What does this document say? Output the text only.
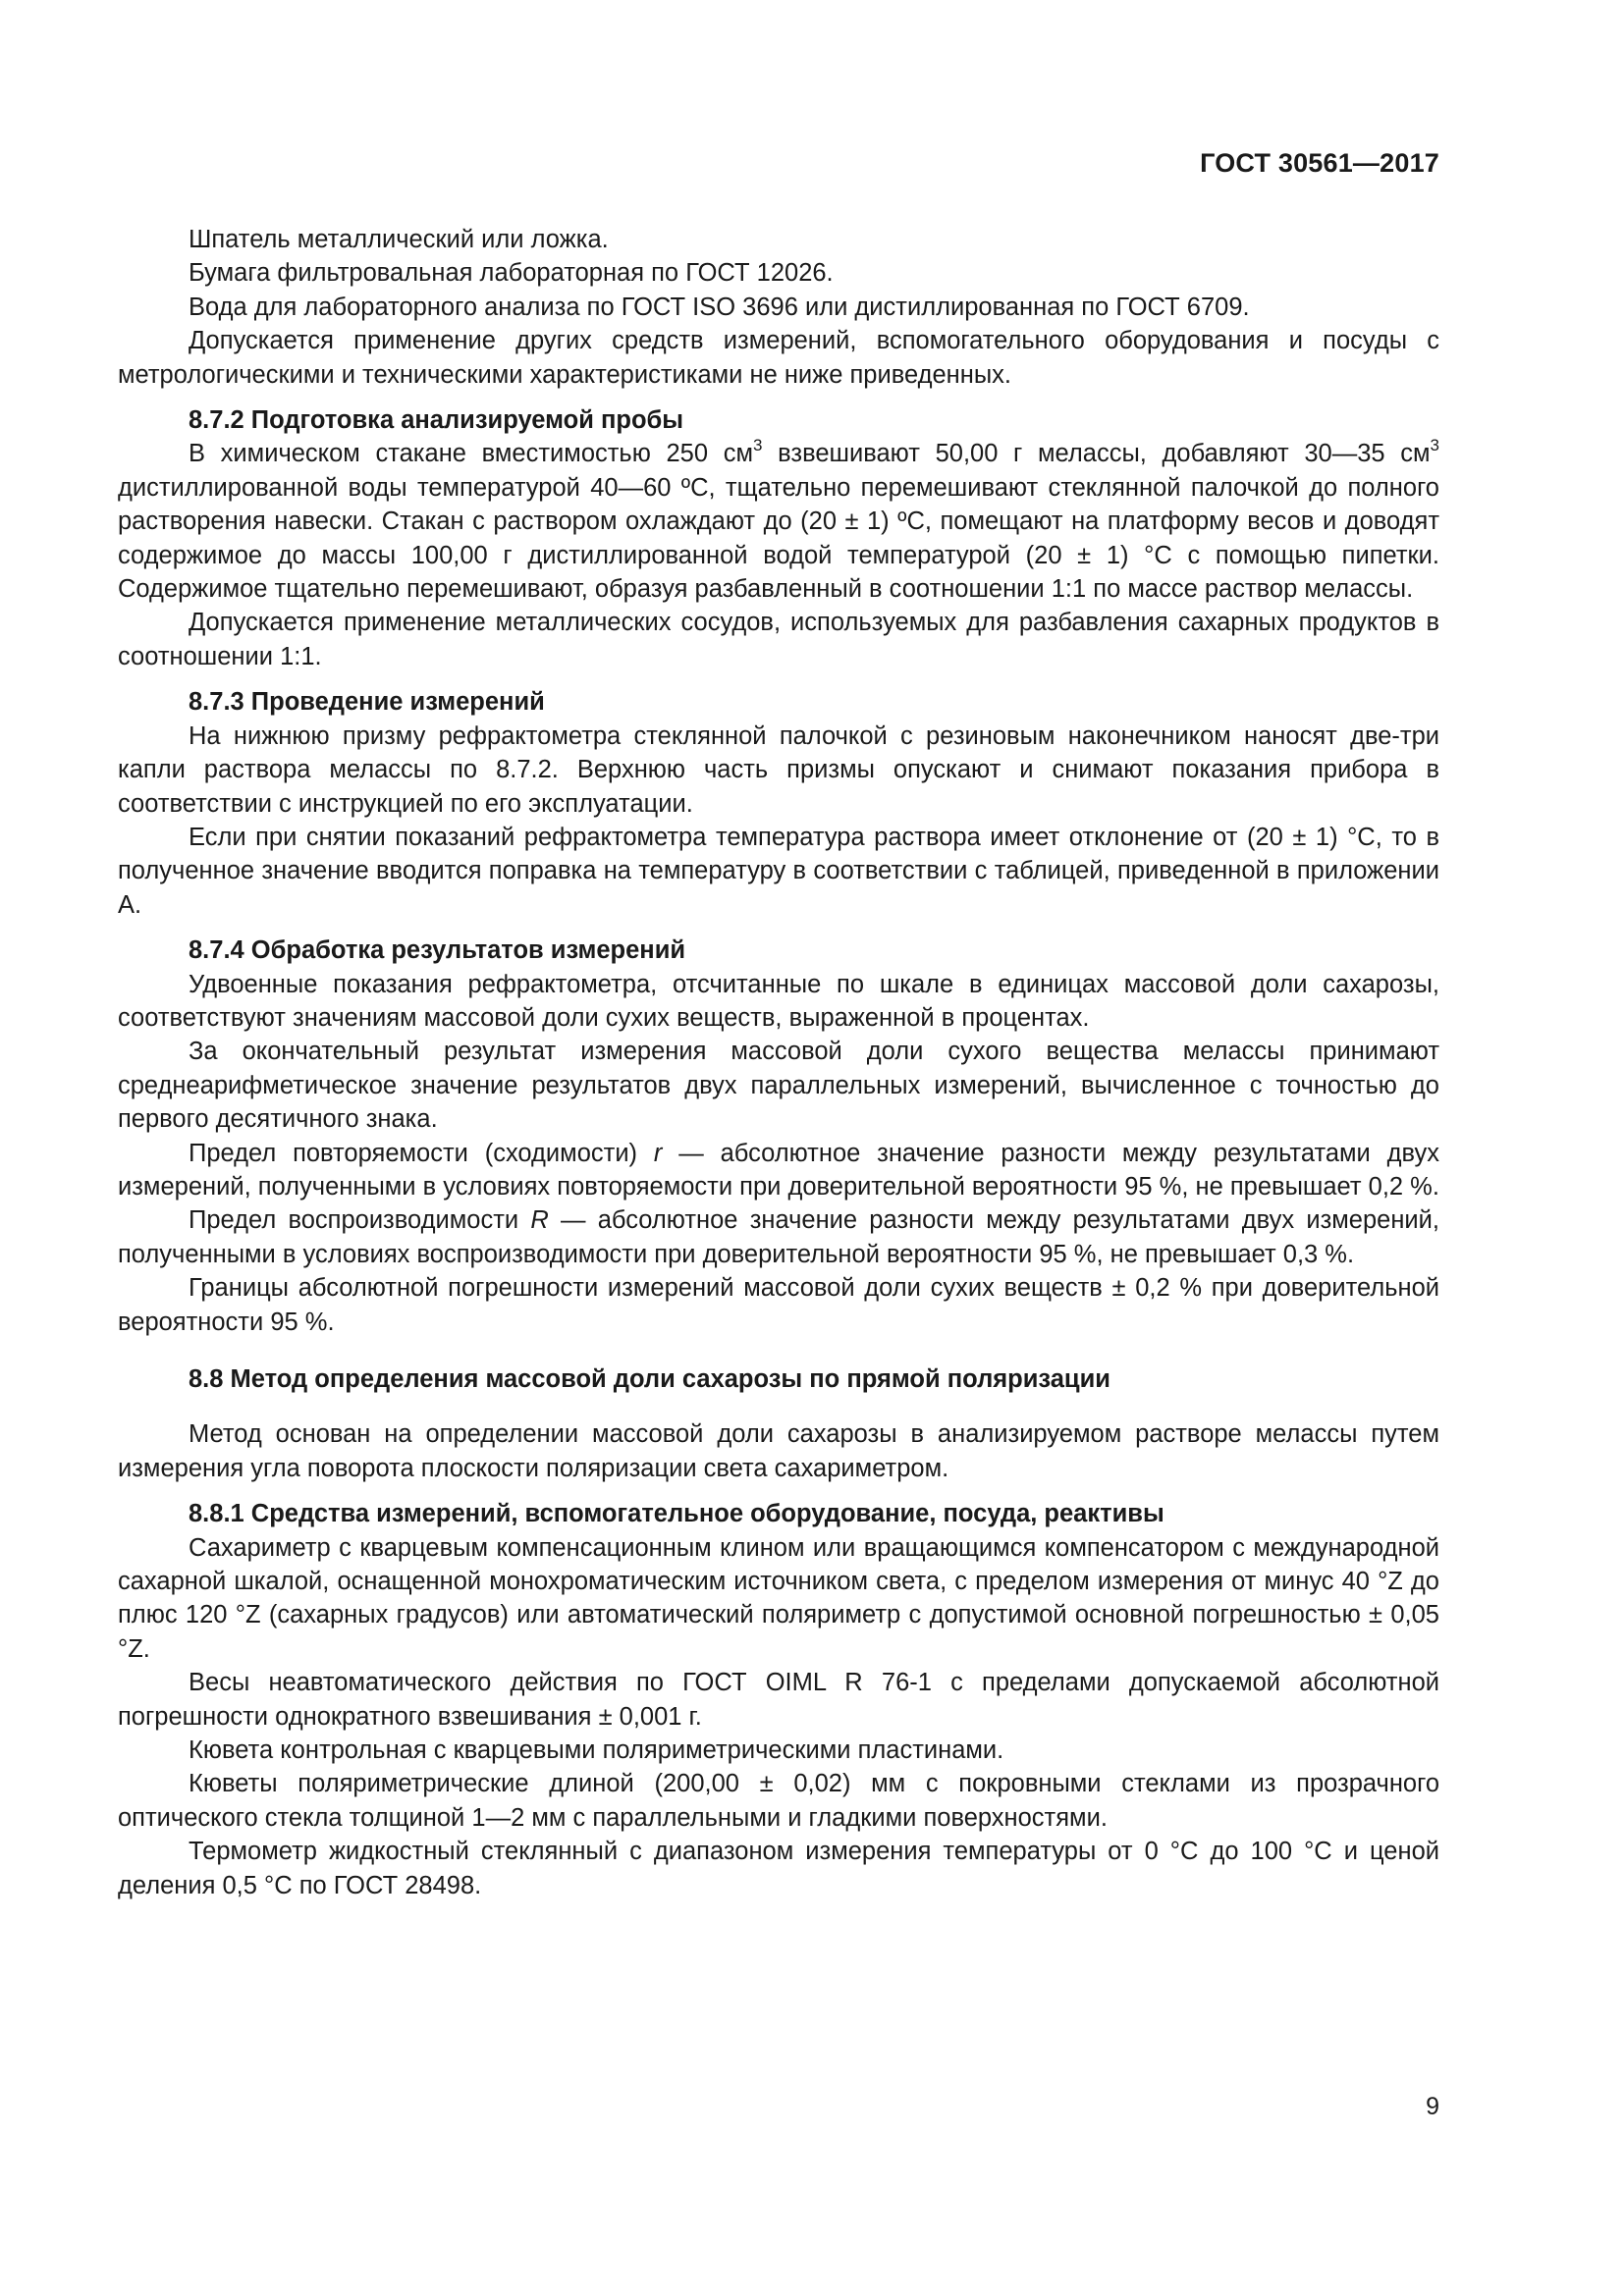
ГОСТ 30561—2017

Шпатель металлический или ложка.

Бумага фильтровальная лабораторная по ГОСТ 12026.

Вода для лабораторного анализа по ГОСТ ISO 3696 или дистиллированная по ГОСТ 6709.

Допускается применение других средств измерений, вспомогательного оборудования и посуды с метрологическими и техническими характеристиками не ниже приведенных.

8.7.2 Подготовка анализируемой пробы

В химическом стакане вместимостью 250 $см^3$ взвешивают 50,00 г мелассы, добавляют 30—35 $см^3$ дистиллированной воды температурой 40—60 ºС, тщательно перемешивают стеклянной палочкой до полного растворения навески. Стакан с раствором охлаждают до (20 ± 1) ºС, помещают на платформу весов и доводят содержимое до массы 100,00 г дистиллированной водой температурой (20 ± 1) °С с помощью пипетки. Содержимое тщательно перемешивают, образуя разбавленный в соотношении 1:1 по массе раствор мелассы.

Допускается применение металлических сосудов, используемых для разбавления сахарных продуктов в соотношении 1:1.

8.7.3 Проведение измерений

На нижнюю призму рефрактометра стеклянной палочкой с резиновым наконечником наносят две-три капли раствора мелассы по 8.7.2. Верхнюю часть призмы опускают и снимают показания прибора в соответствии с инструкцией по его эксплуатации.

Если при снятии показаний рефрактометра температура раствора имеет отклонение от (20 ± 1) °С, то в полученное значение вводится поправка на температуру в соответствии с таблицей, приведенной в приложении А.

8.7.4 Обработка результатов измерений

Удвоенные показания рефрактометра, отсчитанные по шкале в единицах массовой доли сахарозы, соответствуют значениям массовой доли сухих веществ, выраженной в процентах.

За окончательный результат измерения массовой доли сухого вещества мелассы принимают среднеарифметическое значение результатов двух параллельных измерений, вычисленное с точностью до первого десятичного знака.

Предел повторяемости (сходимости) r — абсолютное значение разности между результатами двух измерений, полученными в условиях повторяемости при доверительной вероятности 95 %, не превышает 0,2 %.

Предел воспроизводимости R — абсолютное значение разности между результатами двух измерений, полученными в условиях воспроизводимости при доверительной вероятности 95 %, не превышает 0,3 %.

Границы абсолютной погрешности измерений массовой доли сухих веществ ± 0,2 % при доверительной вероятности 95 %.

8.8 Метод определения массовой доли сахарозы по прямой поляризации

Метод основан на определении массовой доли сахарозы в анализируемом растворе мелассы путем измерения угла поворота плоскости поляризации света сахариметром.

8.8.1 Средства измерений, вспомогательное оборудование, посуда, реактивы

Сахариметр с кварцевым компенсационным клином или вращающимся компенсатором с международной сахарной шкалой, оснащенной монохроматическим источником света, с пределом измерения от минус 40 °Z до плюс 120 °Z (сахарных градусов) или автоматический поляриметр с допустимой основной погрешностью ± 0,05 °Z.

Весы неавтоматического действия по ГОСТ OIML R 76-1 с пределами допускаемой абсолютной погрешности однократного взвешивания ± 0,001 г.

Кювета контрольная с кварцевыми поляриметрическими пластинами.

Кюветы поляриметрические длиной (200,00 ± 0,02) мм с покровными стеклами из прозрачного оптического стекла толщиной 1—2 мм с параллельными и гладкими поверхностями.

Термометр жидкостный стеклянный с диапазоном измерения температуры от 0 °С до 100 °С и ценой деления 0,5 °С по ГОСТ 28498.

9
